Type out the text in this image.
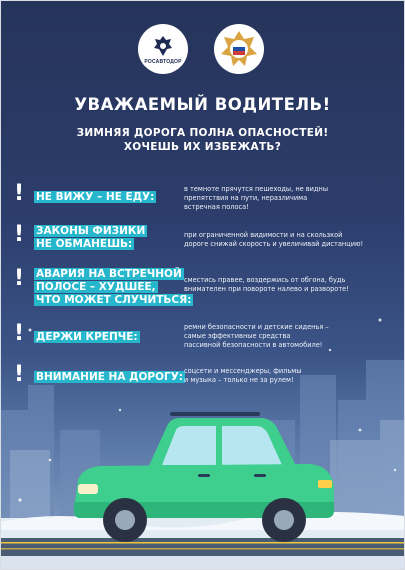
РОСАВТОДОР
УВАЖАЕМЫЙ ВОДИТЕЛЬ!
ЗИМНЯЯ ДОРОГА ПОЛНА ОПАСНОСТЕЙ!
ХОЧЕШЬ ИХ ИЗБЕЖАТЬ?
! НЕ ВИЖУ – НЕ ЕДУ:
в темноте прячутся пешеходы, не видны
препятствия на пути, неразличима
встречная полоса!
! ЗАКОНЫ ФИЗИКИ
НЕ ОБМАНЕШЬ:
при ограниченной видимости и на скользкой
дороге снижай скорость и увеличивай дистанцию!
! АВАРИЯ НА ВСТРЕЧНОЙ
ПОЛОСЕ – ХУДШЕЕ,
ЧТО МОЖЕТ СЛУЧИТЬСЯ:
сместись правее, воздержись от обгона, будь
внимателен при повороте налево и развороте!
! ДЕРЖИ КРЕПЧЕ:
ремни безопасности и детские сиденья –
самые эффективные средства
пассивной безопасности в автомобиле!
! ВНИМАНИЕ НА ДОРОГУ: соцсети и мессенджеры, фильмы
и музыка – только не за рулем!
